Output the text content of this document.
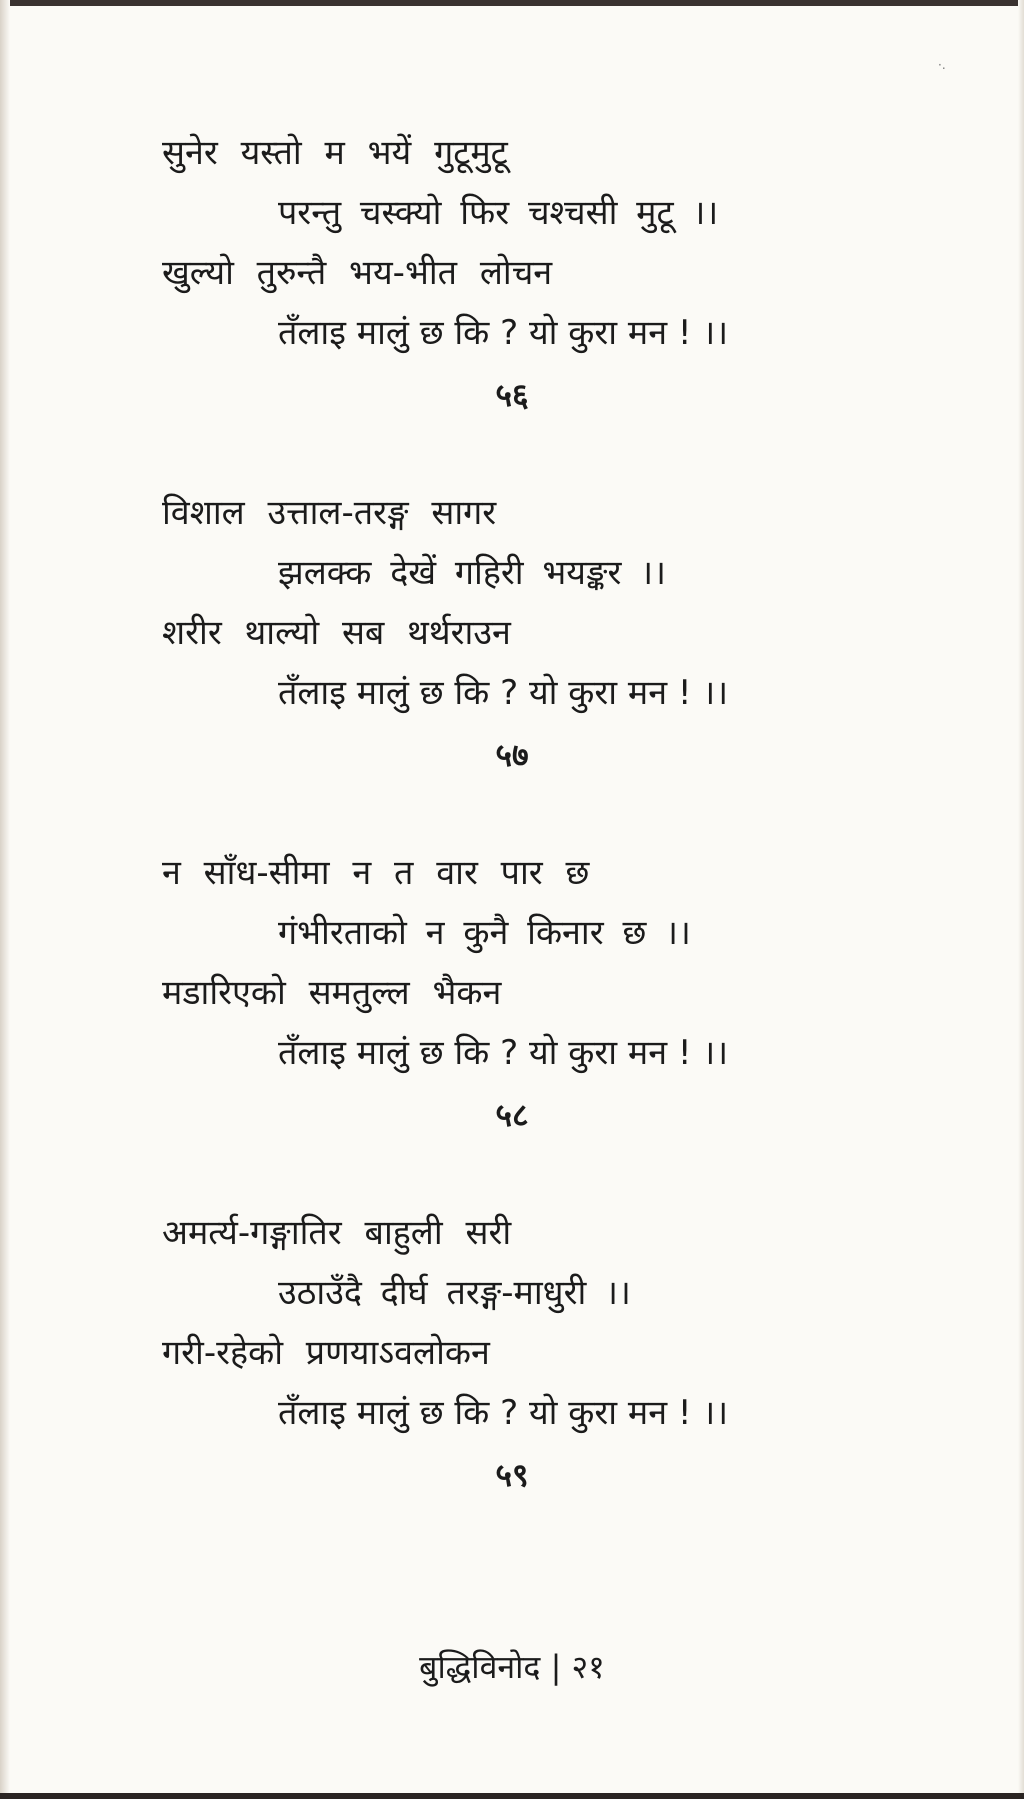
·.
सुनेर यस्तो म भयें गुटूमुटू
परन्तु चस्क्यो फिर चश्चसी मुटू ।।
खुल्यो तुरुन्तै भय-भीत लोचन
तँलाइ मालुं छ कि ? यो कुरा मन ! ।।
५६
विशाल उत्ताल-तरङ्ग सागर
झलक्क देखें गहिरी भयङ्कर ।।
शरीर थाल्यो सब थर्थराउन
तँलाइ मालुं छ कि ? यो कुरा मन ! ।।
५७
न साँध-सीमा न त वार पार छ
गंभीरताको न कुनै किनार छ ।।
मडारिएको समतुल्ल भैकन
तँलाइ मालुं छ कि ? यो कुरा मन ! ।।
५८
अमर्त्य-गङ्गातिर बाहुली सरी
उठाउँदै दीर्घ तरङ्ग-माधुरी ।।
गरी-रहेको प्रणयाऽवलोकन
तँलाइ मालुं छ कि ? यो कुरा मन ! ।।
५९
बुद्धिविनोद | २१
